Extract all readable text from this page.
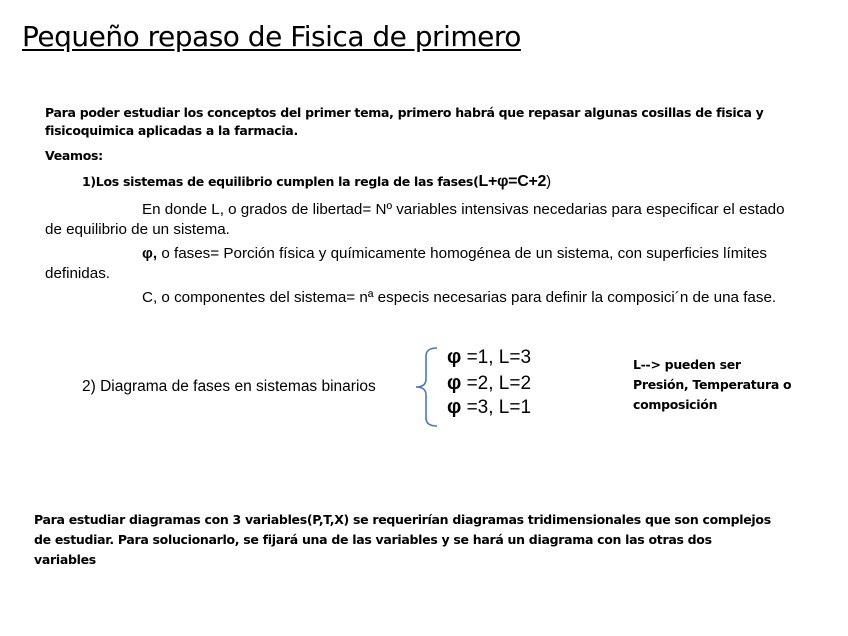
Pequeño repaso de Fisica de primero
Para poder estudiar los conceptos del primer tema, primero habrá que repasar algunas cosillas de fisica y fisicoquimica aplicadas a la farmacia.
Veamos:
1)Los sistemas de equilibrio cumplen la regla de las fases(L+φ=C+2)
En donde L, o grados de libertad= Nº variables intensivas necedarias para especificar el estado de equilibrio de un sistema.
φ, o fases= Porción física y químicamente homogénea de un sistema, con superficies límites definidas.
C, o componentes del sistema= nª especis necesarias para definir la composici´n de una fase.
2) Diagrama de fases en sistemas binarios
φ =1, L=3
φ =2, L=2
φ =3, L=1
L--> pueden ser
Presión, Temperatura o
composición
Para estudiar diagramas con 3 variables(P,T,X) se requerirían diagramas tridimensionales que son complejos de estudiar. Para solucionarlo, se fijará una de las variables y se hará un diagrama con las otras dos variables
